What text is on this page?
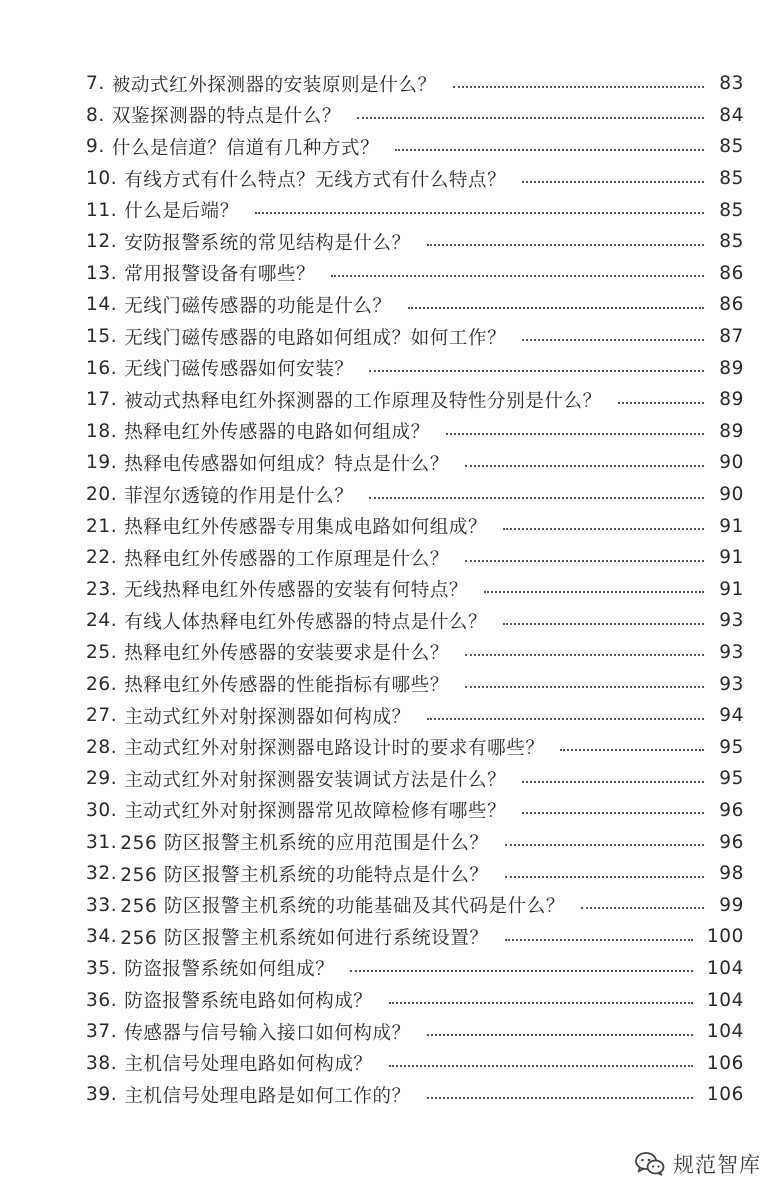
7. 被动式红外探测器的安装原则是什么？	83
8. 双鉴探测器的特点是什么？	84
9. 什么是信道？信道有几种方式？	85
10. 有线方式有什么特点？无线方式有什么特点？	85
11. 什么是后端？	85
12. 安防报警系统的常见结构是什么？	85
13. 常用报警设备有哪些？	86
14. 无线门磁传感器的功能是什么？	86
15. 无线门磁传感器的电路如何组成？如何工作？	87
16. 无线门磁传感器如何安装？	89
17. 被动式热释电红外探测器的工作原理及特性分别是什么？	89
18. 热释电红外传感器的电路如何组成？	89
19. 热释电传感器如何组成？特点是什么？	90
20. 菲涅尔透镜的作用是什么？	90
21. 热释电红外传感器专用集成电路如何组成？	91
22. 热释电红外传感器的工作原理是什么？	91
23. 无线热释电红外传感器的安装有何特点？	91
24. 有线人体热释电红外传感器的特点是什么？	93
25. 热释电红外传感器的安装要求是什么？	93
26. 热释电红外传感器的性能指标有哪些？	93
27. 主动式红外对射探测器如何构成？	94
28. 主动式红外对射探测器电路设计时的要求有哪些？	95
29. 主动式红外对射探测器安装调试方法是什么？	95
30. 主动式红外对射探测器常见故障检修有哪些？	96
31. 256 防区报警主机系统的应用范围是什么？	96
32. 256 防区报警主机系统的功能特点是什么？	98
33. 256 防区报警主机系统的功能基础及其代码是什么？	99
34. 256 防区报警主机系统如何进行系统设置？	100
35. 防盗报警系统如何组成？	104
36. 防盗报警系统电路如何构成？	104
37. 传感器与信号输入接口如何构成？	104
38. 主机信号处理电路如何构成？	106
39. 主机信号处理电路是如何工作的？	106
规范智库
